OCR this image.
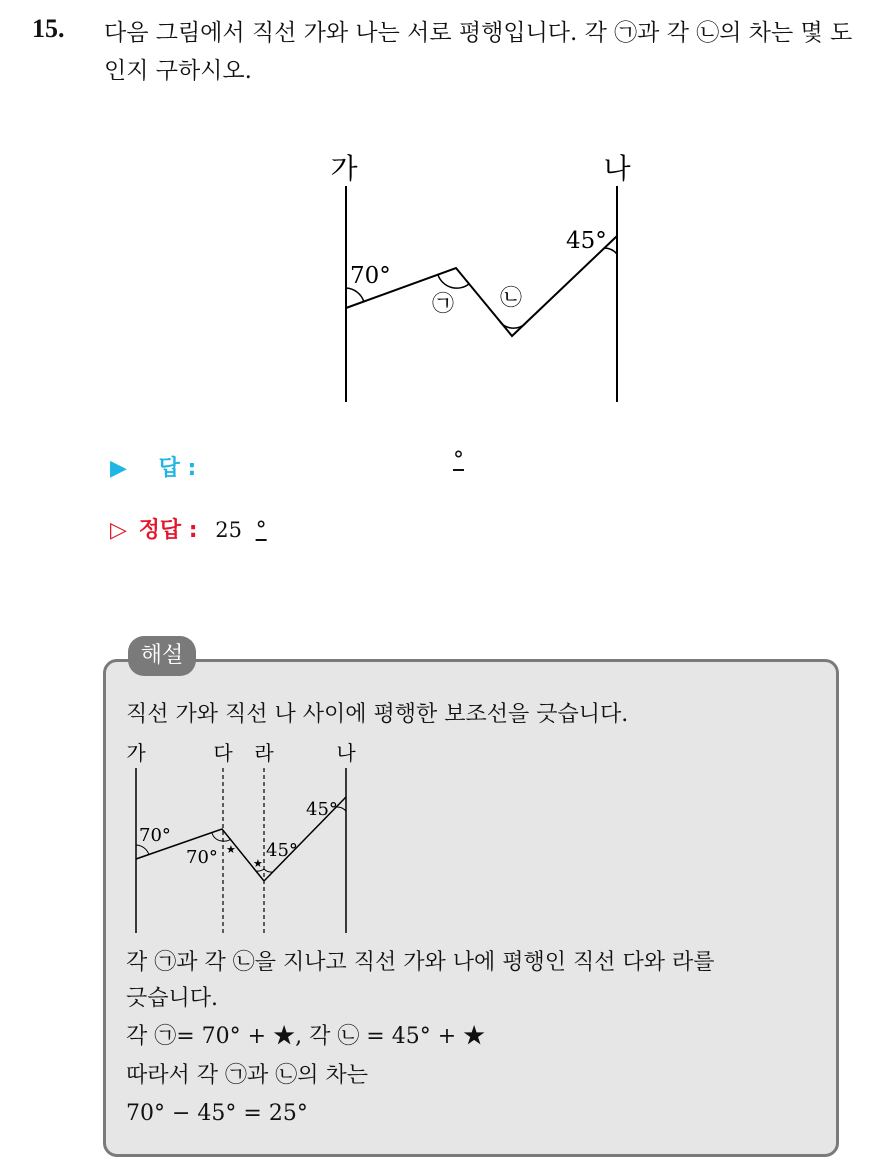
15. 다음 그림에서 직선 가와 나는 서로 평행입니다. 각 ㉠과 각 ㉡의 차는 몇 도인지 구하시오.
가	나
70°
45°
㉠ ㉡
▶ 답 :	°
▷ 정답 : 25 °
해설
직선 가와 직선 나 사이에 평행한 보조선을 긋습니다.
가	다 라	나
70°
70°	45°
45°
★
★
각 ㉠과 각 ㉡을 지나고 직선 가와 나에 평행인 직선 다와 라를
긋습니다.
각 ㉠= 70° + ★, 각 ㉡ = 45° + ★
따라서 각 ㉠과 ㉡의 차는
70° − 45° = 25°
